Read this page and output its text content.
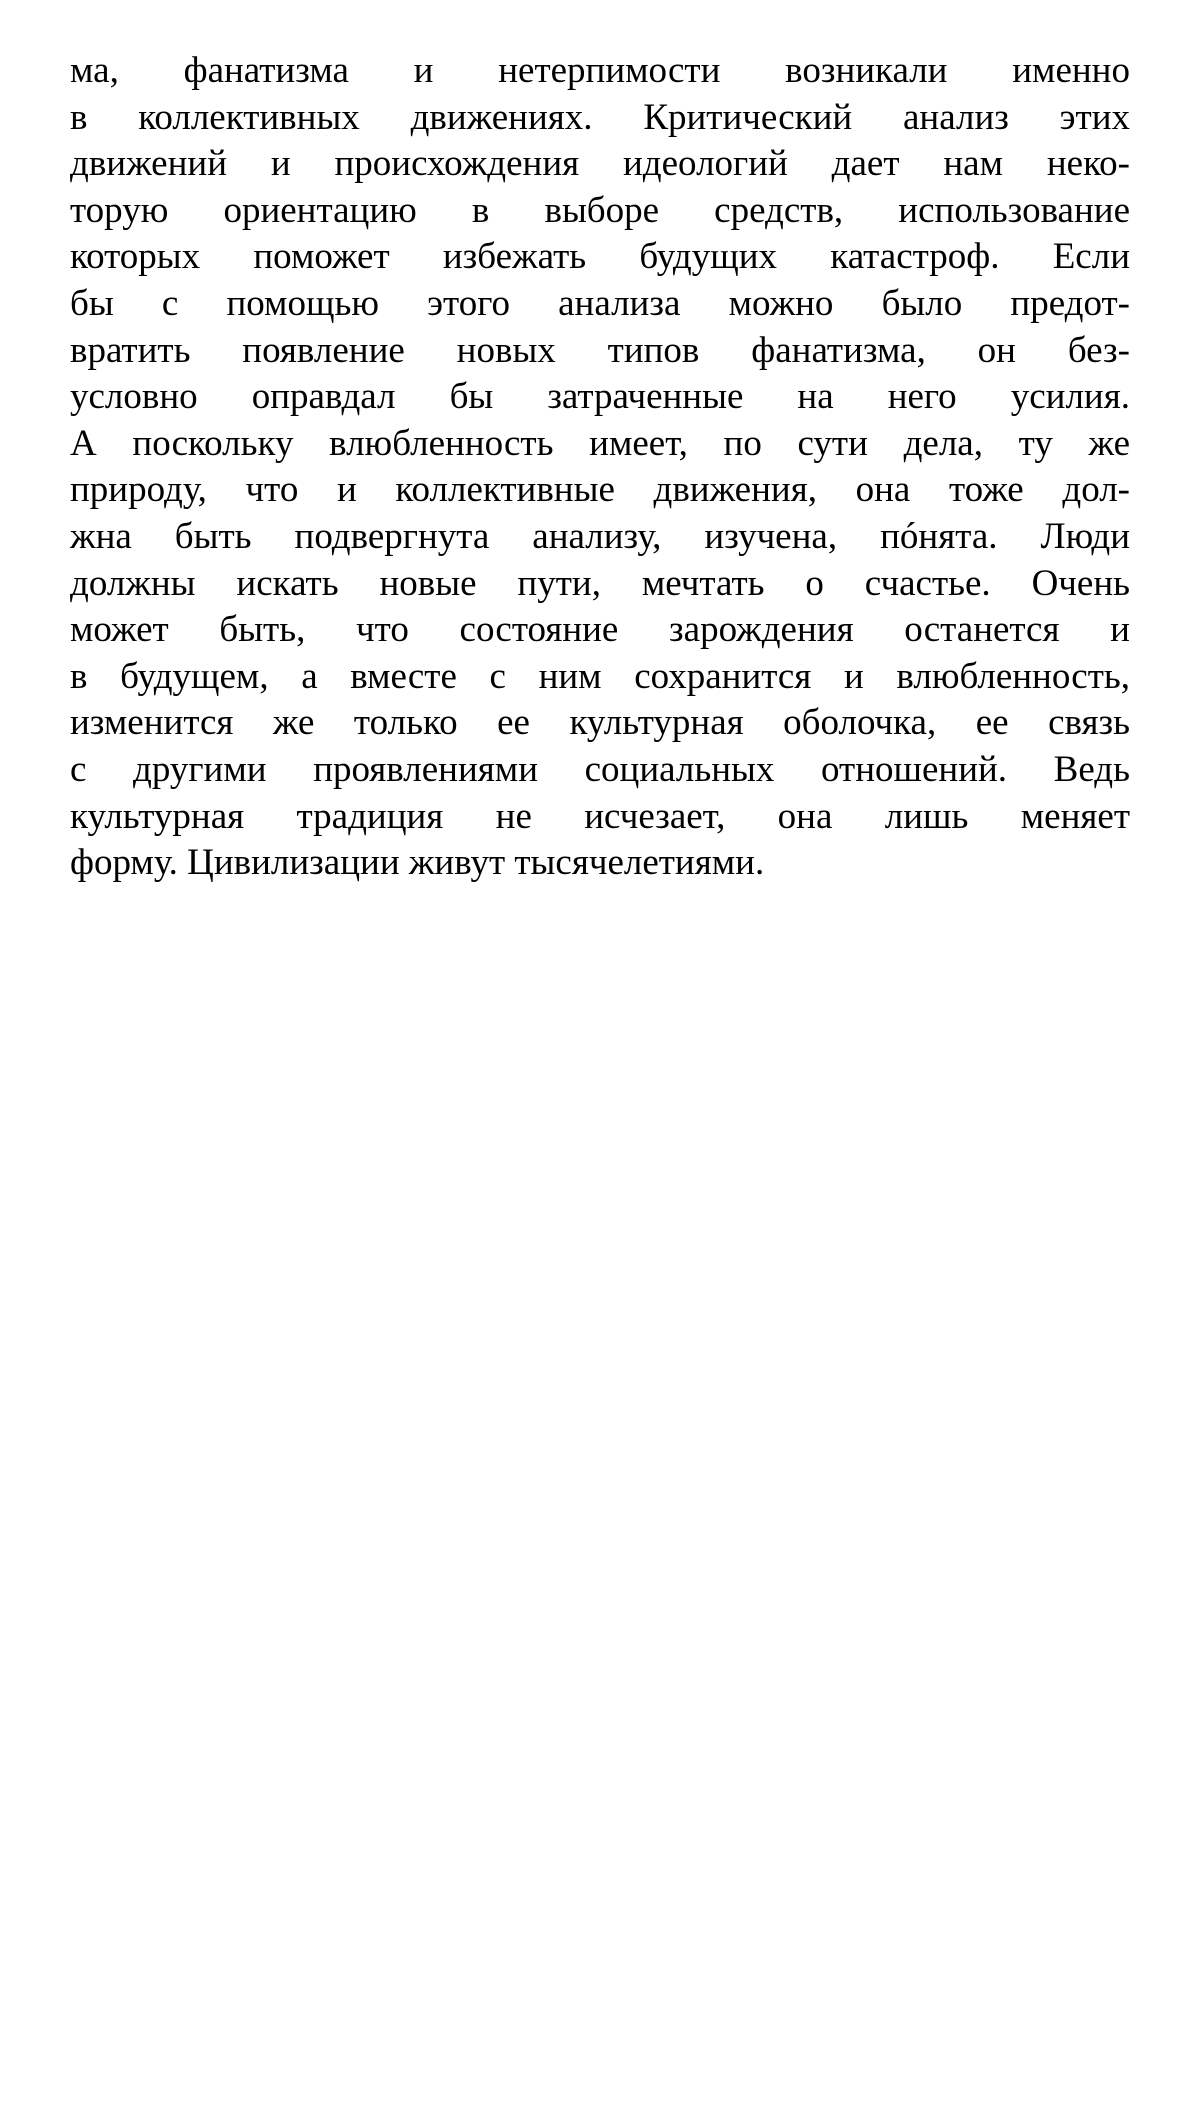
ма, фанатизма и нетерпимости возникали именно
в коллективных движениях. Критический анализ этих
движений и происхождения идеологий дает нам неко-
торую ориентацию в выборе средств, использование
которых поможет избежать будущих катастроф. Если
бы с помощью этого анализа можно было предот-
вратить появление новых типов фанатизма, он без-
условно оправдал бы затраченные на него усилия.
А поскольку влюбленность имеет, по сути дела, ту же
природу, что и коллективные движения, она тоже дол-
жна быть подвергнута анализу, изучена, пóнята. Люди
должны искать новые пути, мечтать о счастье. Очень
может быть, что состояние зарождения останется и
в будущем, а вместе с ним сохранится и влюбленность,
изменится же только ее культурная оболочка, ее связь
с другими проявлениями социальных отношений. Ведь
культурная традиция не исчезает, она лишь меняет
форму. Цивилизации живут тысячелетиями.
